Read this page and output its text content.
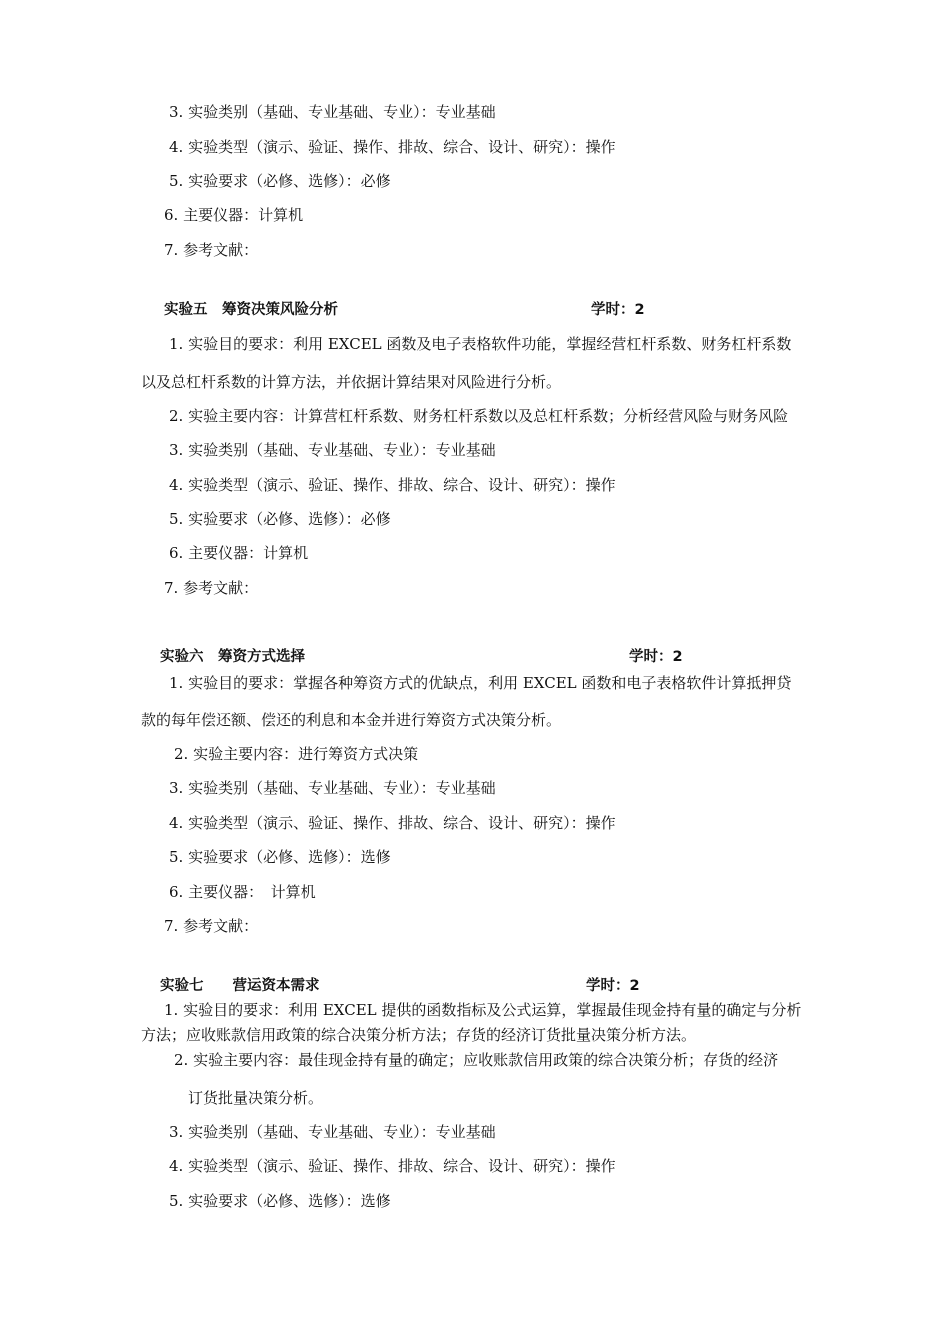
3. 实验类别（基础、专业基础、专业）：专业基础
4. 实验类型（演示、验证、操作、排故、综合、设计、研究）：操作
5. 实验要求（必修、选修）：必修
6. 主要仪器：计算机
7. 参考文献：
实验五　筹资决策风险分析	学时：2
1. 实验目的要求：利用 EXCEL 函数及电子表格软件功能，掌握经营杠杆系数、财务杠杆系数
以及总杠杆系数的计算方法，并依据计算结果对风险进行分析。
2. 实验主要内容：计算营杠杆系数、财务杠杆系数以及总杠杆系数；分析经营风险与财务风险
3. 实验类别（基础、专业基础、专业）：专业基础
4. 实验类型（演示、验证、操作、排故、综合、设计、研究）：操作
5. 实验要求（必修、选修）：必修
6. 主要仪器：计算机
7. 参考文献：
实验六　筹资方式选择	学时：2
1. 实验目的要求：掌握各种筹资方式的优缺点，利用 EXCEL 函数和电子表格软件计算抵押贷
款的每年偿还额、偿还的利息和本金并进行筹资方式决策分析。
2. 实验主要内容：进行筹资方式决策
3. 实验类别（基础、专业基础、专业）：专业基础
4. 实验类型（演示、验证、操作、排故、综合、设计、研究）：操作
5. 实验要求（必修、选修）：选修
6. 主要仪器：　计算机
7. 参考文献：
实验七　　营运资本需求	学时：2
1. 实验目的要求：利用 EXCEL 提供的函数指标及公式运算，掌握最佳现金持有量的确定与分析
方法；应收账款信用政策的综合决策分析方法；存货的经济订货批量决策分析方法。
2. 实验主要内容：最佳现金持有量的确定；应收账款信用政策的综合决策分析；存货的经济
订货批量决策分析。
3. 实验类别（基础、专业基础、专业）：专业基础
4. 实验类型（演示、验证、操作、排故、综合、设计、研究）：操作
5. 实验要求（必修、选修）：选修
